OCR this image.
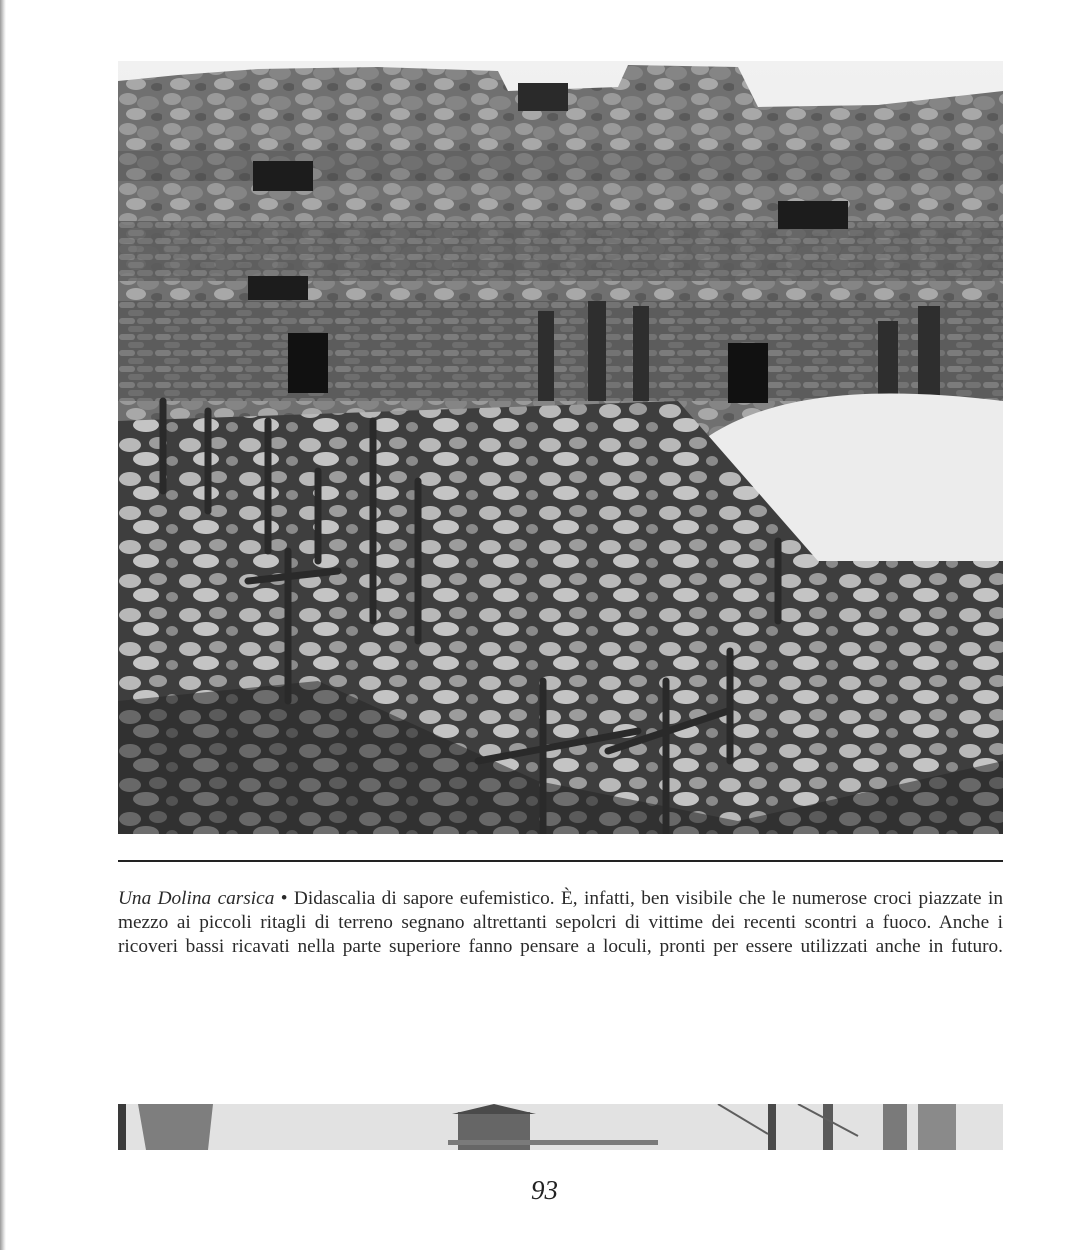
Una Dolina carsica • Didascalia di sapore eufemistico. È, infatti, ben visibile che le numerose croci piazzate in mezzo ai piccoli ritagli di terreno segnano altrettanti sepolcri di vittime dei recenti scontri a fuoco. Anche i ricoveri bassi ricavati nella parte superiore fanno pensare a loculi, pronti per essere utilizzati anche in futuro.

93
